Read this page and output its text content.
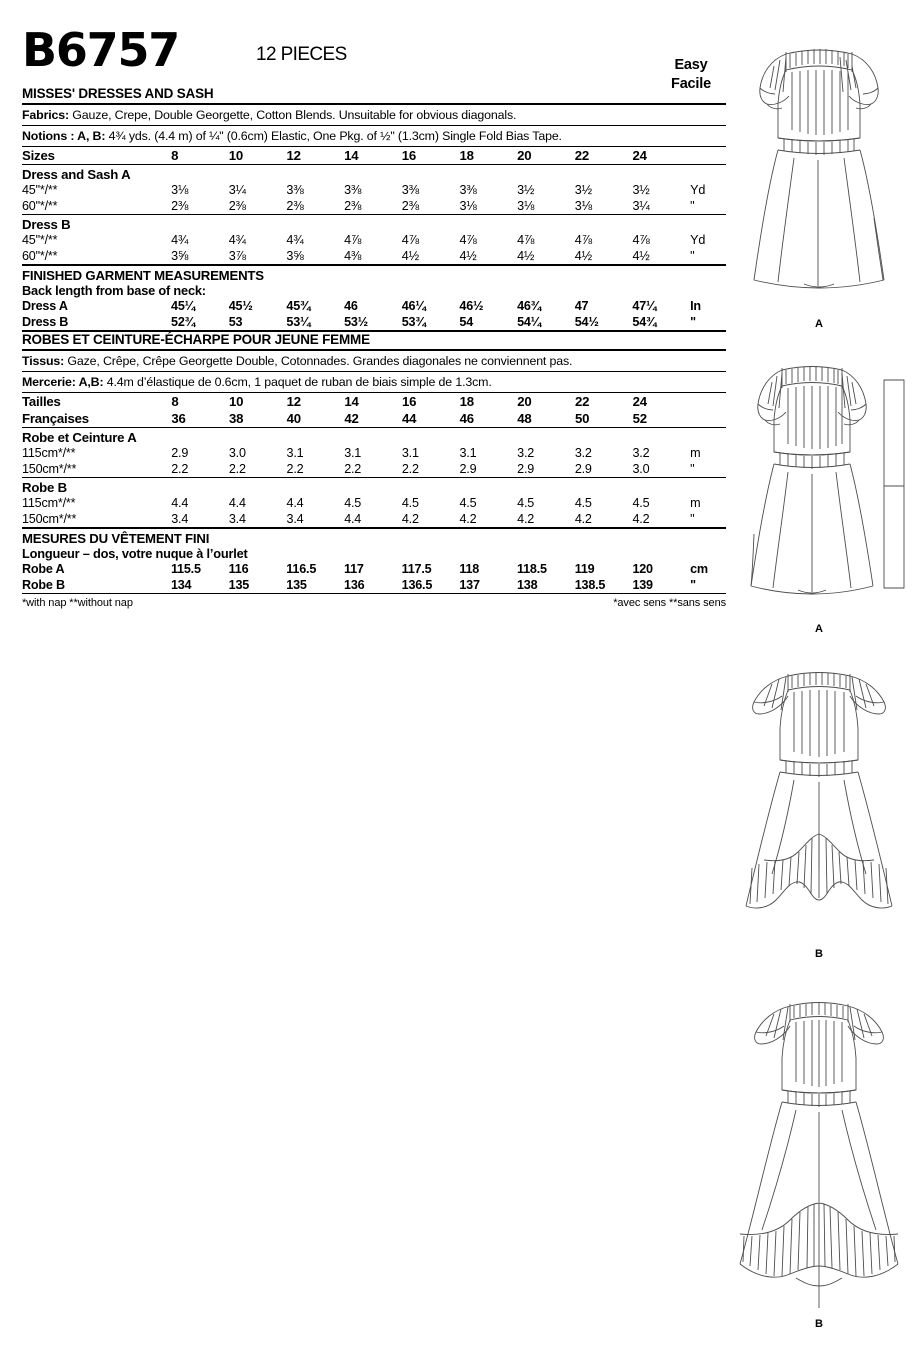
Easy
Facile
B6757	12 PIECES
MISSES' DRESSES AND SASH
Fabrics: Gauze, Crepe, Double Georgette, Cotton Blends. Unsuitable for obvious diagonals.
Notions : A, B: 4¾ yds. (4.4 m) of ¼" (0.6cm) Elastic, One Pkg. of ½" (1.3cm) Single Fold Bias Tape.
Sizes	8	10	12	14	16	18	20	22	24	
Dress and Sash A
45"*/**	3⅛	3¼	3⅜	3⅜	3⅜	3⅜	3½	3½	3½	Yd
60"*/**	2⅜	2⅜	2⅜	2⅜	2⅜	3⅛	3⅛	3⅛	3¼	"
Dress B
45"*/**	4¾	4¾	4¾	4⅞	4⅞	4⅞	4⅞	4⅞	4⅞	Yd
60"*/**	3⅝	3⅞	3⅝	4⅜	4½	4½	4½	4½	4½	"
FINISHED GARMENT MEASUREMENTS
Back length from base of neck:
Dress A	45¼	45½	45¾	46	46¼	46½	46¾	47	47¼	In
Dress B	52¾	53	53¼	53½	53¾	54	54¼	54½	54¾	"
ROBES ET CEINTURE-ÉCHARPE POUR JEUNE FEMME
Tissus: Gaze, Crêpe, Crêpe Georgette Double, Cotonnades. Grandes diagonales ne conviennent pas.
Mercerie: A,B: 4.4m d’élastique de 0.6cm, 1 paquet de ruban de biais simple de 1.3cm.
Tailles	8	10	12	14	16	18	20	22	24	
Françaises	36	38	40	42	44	46	48	50	52	
Robe et Ceinture A
115cm*/**	2.9	3.0	3.1	3.1	3.1	3.1	3.2	3.2	3.2	m
150cm*/**	2.2	2.2	2.2	2.2	2.2	2.9	2.9	2.9	3.0	"
Robe B
115cm*/**	4.4	4.4	4.4	4.5	4.5	4.5	4.5	4.5	4.5	m
150cm*/**	3.4	3.4	3.4	4.4	4.2	4.2	4.2	4.2	4.2	"
MESURES DU VÊTEMENT FINI
Longueur – dos, votre nuque à l’ourlet
Robe A	115.5	116	116.5	117	117.5	118	118.5	119	120	cm
Robe B	134	135	135	136	136.5	137	138	138.5	139	"
*with nap **without nap	*avec sens **sans sens
A
A
B
B
